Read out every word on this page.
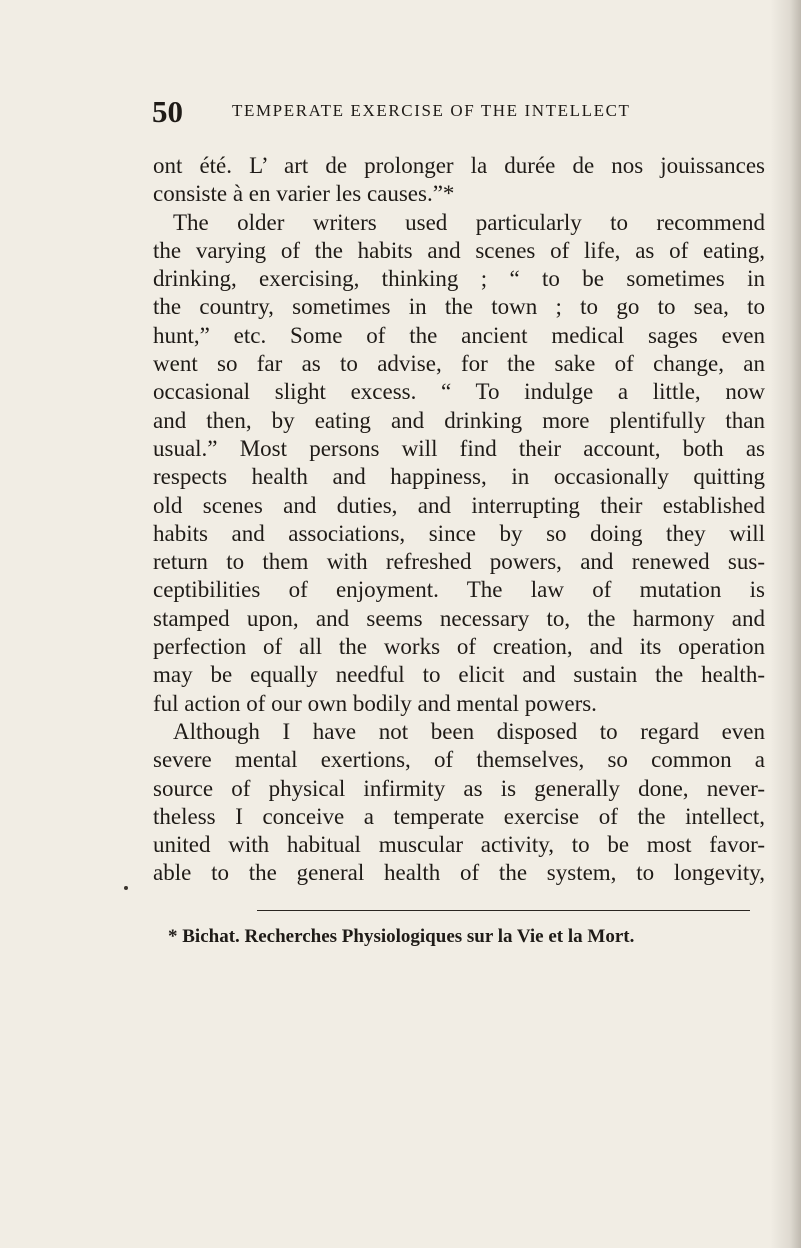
50	TEMPERATE EXERCISE OF THE INTELLECT
ont été. L’ art de prolonger la durée de nos jouissances
consiste à en varier les causes.”*
The older writers used particularly to recommend
the varying of the habits and scenes of life, as of eating,
drinking, exercising, thinking ; “ to be sometimes in
the country, sometimes in the town ; to go to sea, to
hunt,” etc. Some of the ancient medical sages even
went so far as to advise, for the sake of change, an
occasional slight excess. “ To indulge a little, now
and then, by eating and drinking more plentifully than
usual.” Most persons will find their account, both as
respects health and happiness, in occasionally quitting
old scenes and duties, and interrupting their established
habits and associations, since by so doing they will
return to them with refreshed powers, and renewed sus-
ceptibilities of enjoyment. The law of mutation is
stamped upon, and seems necessary to, the harmony and
perfection of all the works of creation, and its operation
may be equally needful to elicit and sustain the health-
ful action of our own bodily and mental powers.
Although I have not been disposed to regard even
severe mental exertions, of themselves, so common a
source of physical infirmity as is generally done, never-
theless I conceive a temperate exercise of the intellect,
united with habitual muscular activity, to be most favor-
able to the general health of the system, to longevity,
* Bichat. Recherches Physiologiques sur la Vie et la Mort.
